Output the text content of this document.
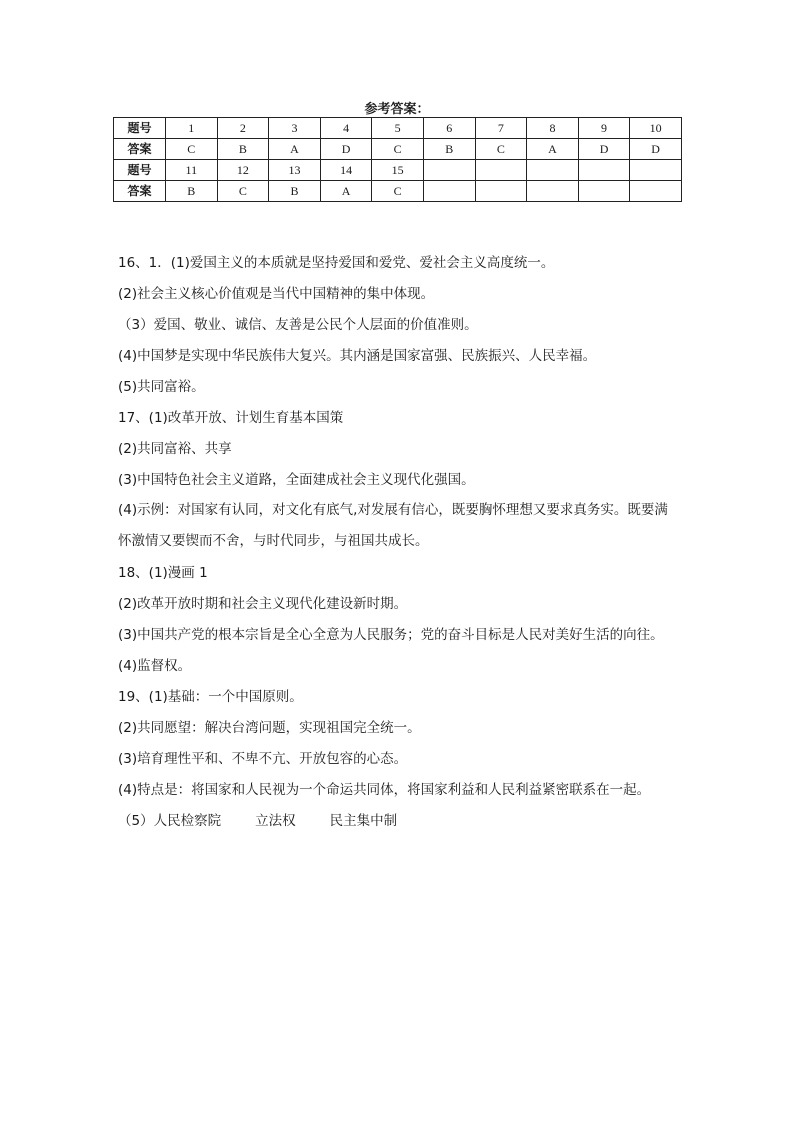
参考答案：
题号	1	2	3	4	5	6	7	8	9	10
答案	C	B	A	D	C	B	C	A	D	D
题号	11	12	13	14	15					
答案	B	C	B	A	C					

16、1．(1)爱国主义的本质就是坚持爱国和爱党、爱社会主义高度统一。

(2)社会主义核心价值观是当代中国精神的集中体现。

（3）爱国、敬业、诚信、友善是公民个人层面的价值准则。

(4)中国梦是实现中华民族伟大复兴。其内涵是国家富强、民族振兴、人民幸福。

(5)共同富裕。

17、(1)改革开放、计划生育基本国策

(2)共同富裕、共享

(3)中国特色社会主义道路，全面建成社会主义现代化强国。

(4)示例：对国家有认同，对文化有底气,对发展有信心，既要胸怀理想又要求真务实。既要满怀激情又要锲而不舍，与时代同步，与祖国共成长。

18、(1)漫画 1

(2)改革开放时期和社会主义现代化建设新时期。

(3)中国共产党的根本宗旨是全心全意为人民服务；党的奋斗目标是人民对美好生活的向往。

(4)监督权。

19、(1)基础：一个中国原则。

(2)共同愿望：解决台湾问题，实现祖国完全统一。

(3)培育理性平和、不卑不亢、开放包容的心态。

(4)特点是：将国家和人民视为一个命运共同体，将国家利益和人民利益紧密联系在一起。

（5）人民检察院	立法权	民主集中制
